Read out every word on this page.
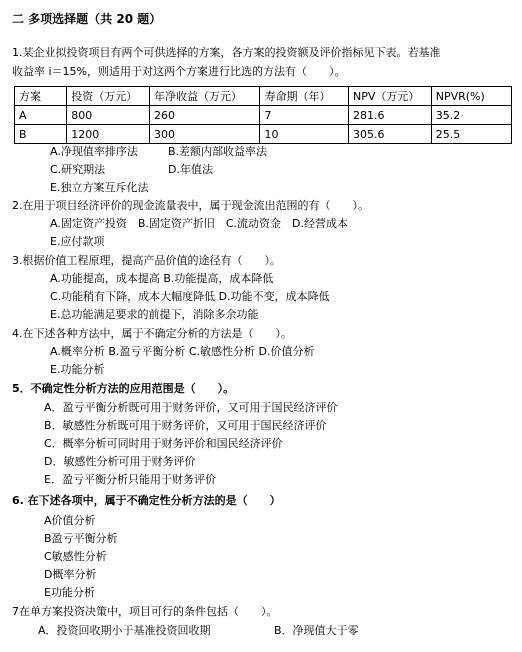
二 多项选择题（共 20 题）
1.某企业拟投资项目有两个可供选择的方案，各方案的投资额及评价指标见下表。若基准
收益率 i＝15%，则适用于对这两个方案进行比选的方法有（　　）。
方案	投资（万元）	年净收益（万元）	寿命期（年）	NPV（万元）	NPVR(%)
A	800	260	7	281.6	35.2
B	1200	300	10	305.6	25.5
A.净现值率排序法	B.差额内部收益率法
C.研究期法	D.年值法
E.独立方案互斥化法
2.在用于项目经济评价的现金流量表中，属于现金流出范围的有（　　）。
A.固定资产投资　B.固定资产折旧　C.流动资金　D.经营成本
E.应付款项
3.根据价值工程原理，提高产品价值的途径有（　　）。
A.功能提高，成本提高 B.功能提高，成本降低
C.功能稍有下降，成本大幅度降低 D.功能不变，成本降低
E.总功能满足要求的前提下，消除多余功能
4.在下述各种方法中，属于不确定分析的方法是（　　）。
A.概率分析 B.盈亏平衡分析 C.敏感性分析 D.价值分析
E.功能分析
5．不确定性分析方法的应用范围是（　　）。
A．盈亏平衡分析既可用于财务评价，又可用于国民经济评价
B．敏感性分析既可用于财务评价，又可用于国民经济评价
C．概率分析可同时用于财务评价和国民经济评价
D．敏感性分析可用于财务评价
E．盈亏平衡分析只能用于财务评价
6. 在下述各项中，属于不确定性分析方法的是（　　）
A价值分析
B盈亏平衡分析
C敏感性分析
D概率分析
E功能分析
7在单方案投资决策中，项目可行的条件包括（　　）。
A．投资回收期小于基准投资回收期	B．净现值大于零
